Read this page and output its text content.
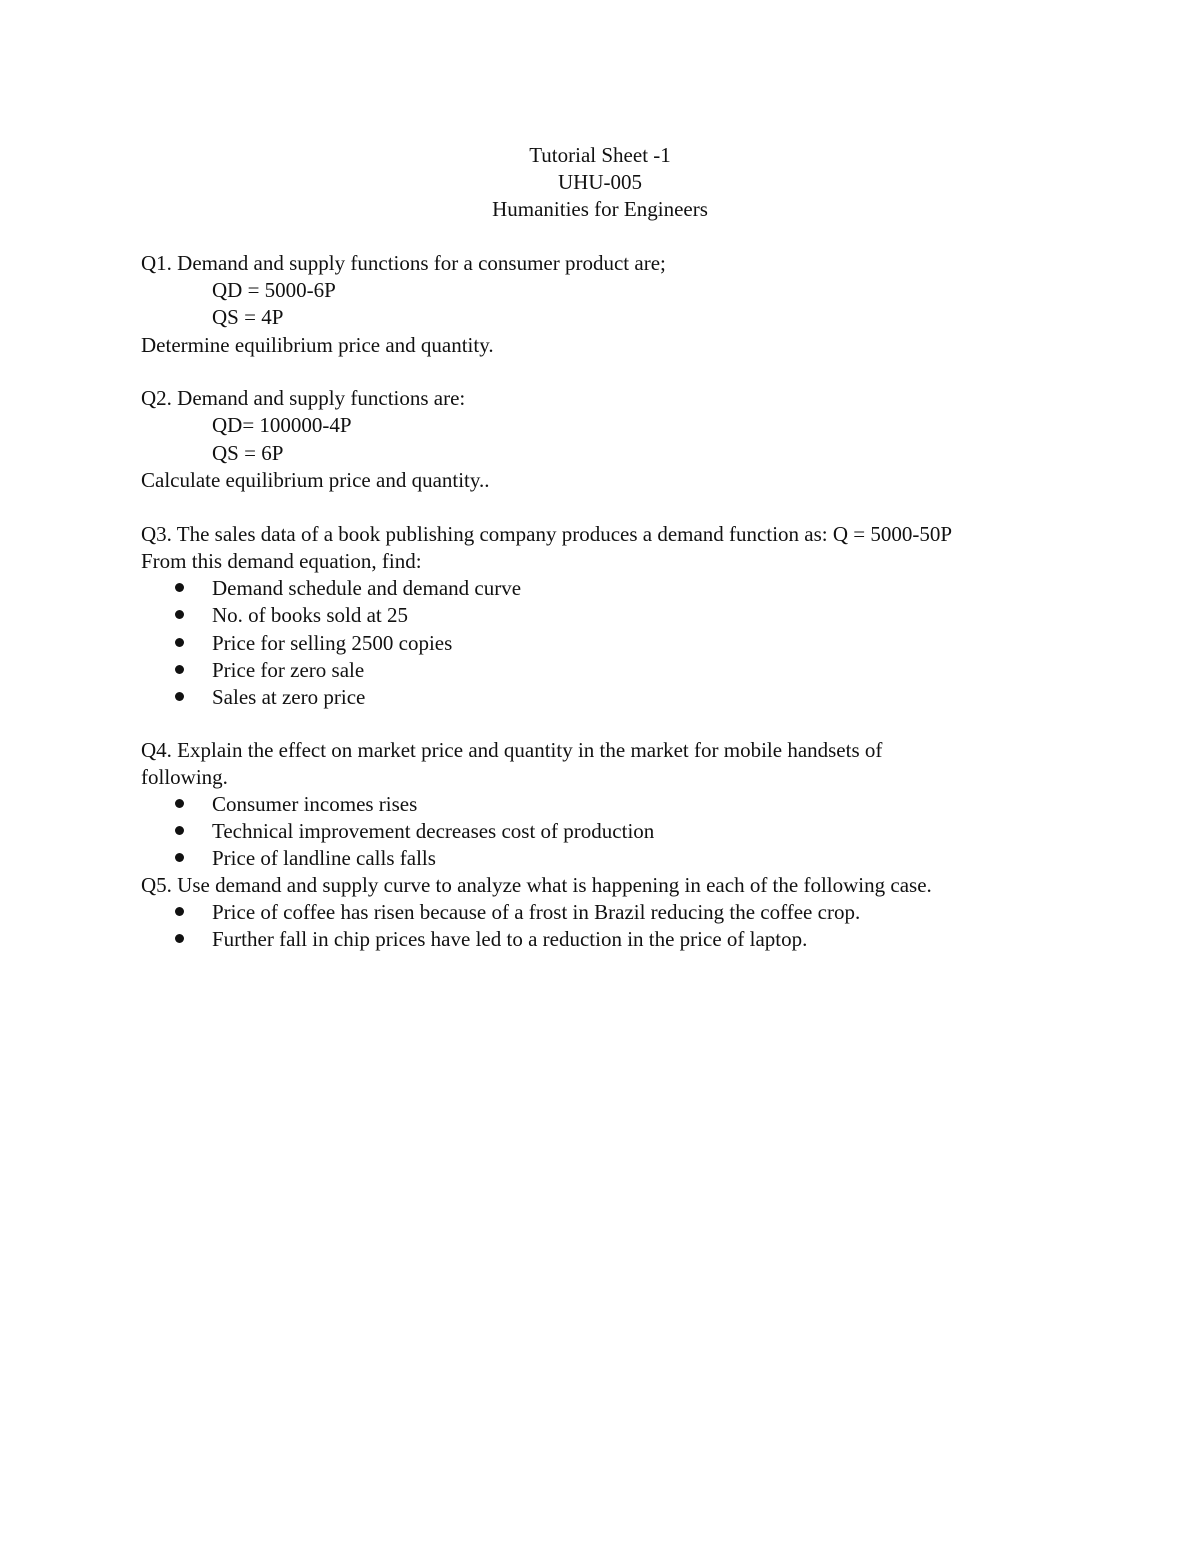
Tutorial Sheet -1
UHU-005
Humanities for Engineers
Q1. Demand and supply functions for a consumer product are;
QD = 5000-6P
QS = 4P
Determine equilibrium price and quantity.
Q2. Demand and supply functions are:
QD= 100000-4P
QS = 6P
Calculate equilibrium price and quantity..
Q3. The sales data of a book publishing company produces a demand function as: Q = 5000-50P
From this demand equation, find:
Demand schedule and demand curve
No. of books sold at 25
Price for selling 2500 copies
Price for zero sale
Sales at zero price
Q4. Explain the effect on market price and quantity in the market for mobile handsets of
following.
Consumer incomes rises
Technical improvement decreases cost of production
Price of landline calls falls
Q5. Use demand and supply curve to analyze what is happening in each of the following case.
Price of coffee has risen because of a frost in Brazil reducing the coffee crop.
Further fall in chip prices have led to a reduction in the price of laptop.
